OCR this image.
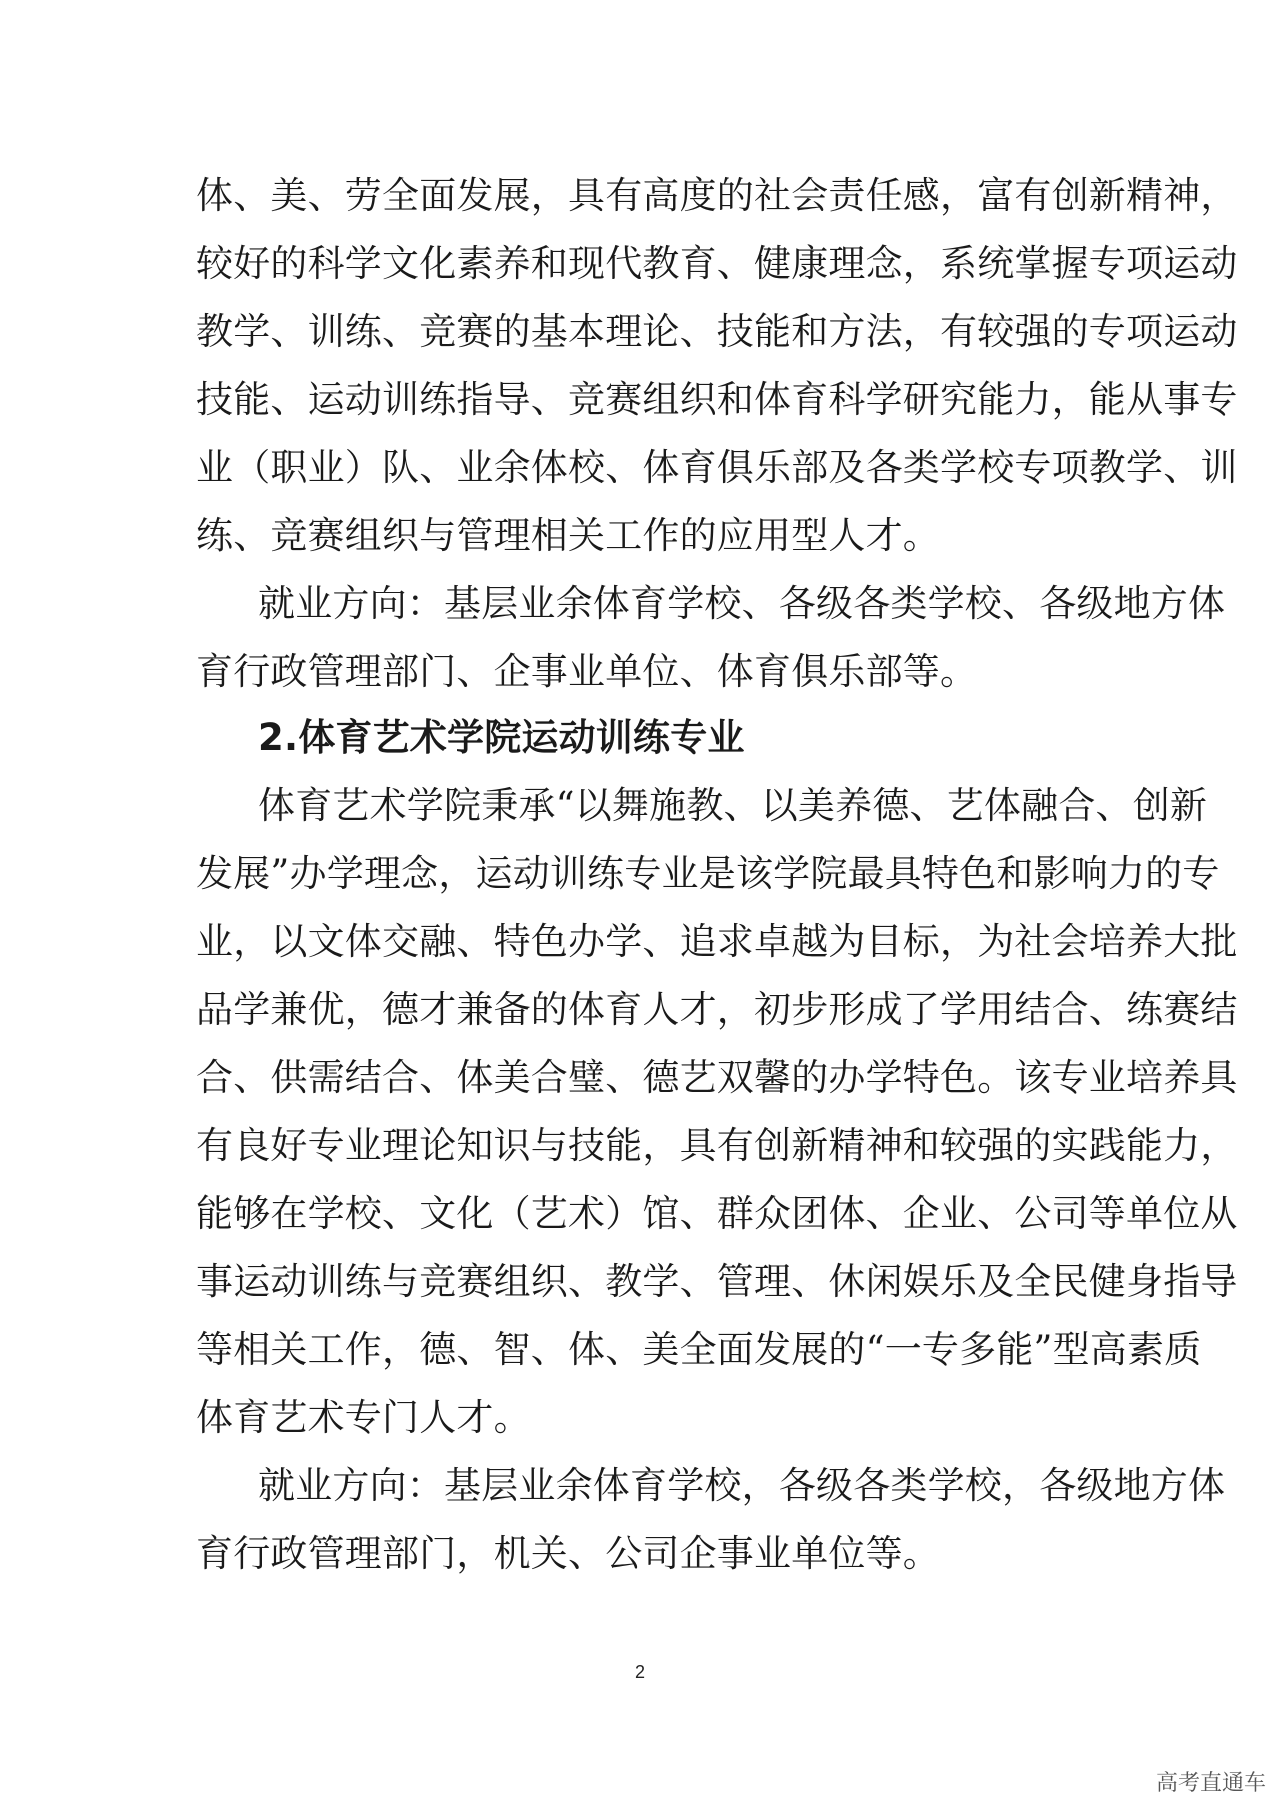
体、美、劳全面发展，具有高度的社会责任感，富有创新精神，
较好的科学文化素养和现代教育、健康理念，系统掌握专项运动
教学、训练、竞赛的基本理论、技能和方法，有较强的专项运动
技能、运动训练指导、竞赛组织和体育科学研究能力，能从事专
业（职业）队、业余体校、体育俱乐部及各类学校专项教学、训
练、竞赛组织与管理相关工作的应用型人才。
就业方向：基层业余体育学校、各级各类学校、各级地方体
育行政管理部门、企事业单位、体育俱乐部等。
2.体育艺术学院运动训练专业
体育艺术学院秉承“以舞施教、以美养德、艺体融合、创新
发展”办学理念，运动训练专业是该学院最具特色和影响力的专
业，以文体交融、特色办学、追求卓越为目标，为社会培养大批
品学兼优，德才兼备的体育人才，初步形成了学用结合、练赛结
合、供需结合、体美合璧、德艺双馨的办学特色。该专业培养具
有良好专业理论知识与技能，具有创新精神和较强的实践能力，
能够在学校、文化（艺术）馆、群众团体、企业、公司等单位从
事运动训练与竞赛组织、教学、管理、休闲娱乐及全民健身指导
等相关工作，德、智、体、美全面发展的“一专多能”型高素质
体育艺术专门人才。
就业方向：基层业余体育学校，各级各类学校，各级地方体
育行政管理部门，机关、公司企事业单位等。
2
高考直通车
